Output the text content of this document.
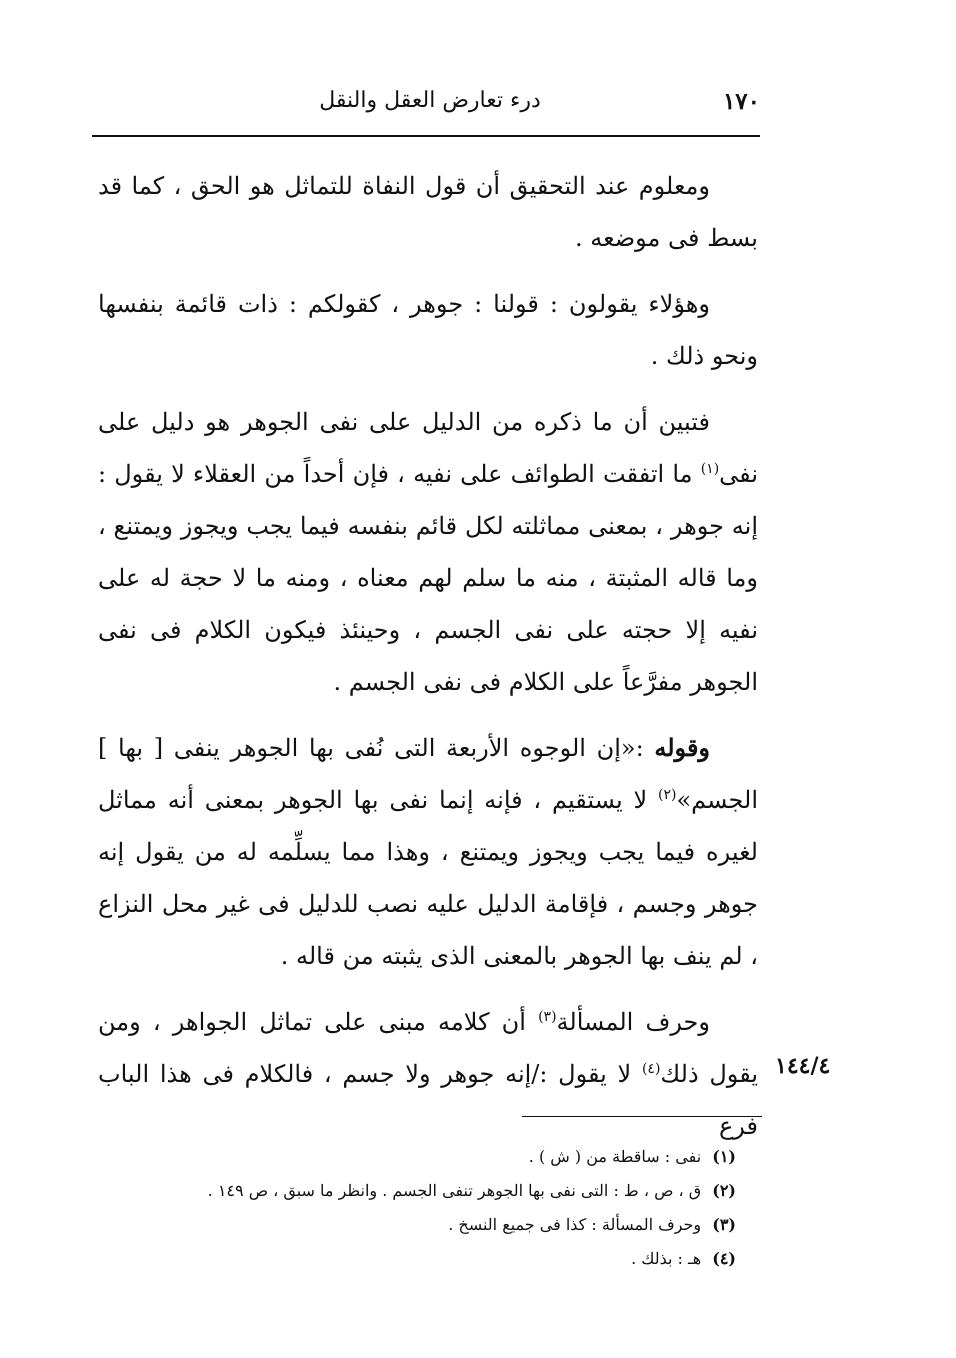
١٧٠
درء تعارض العقل والنقل

ومعلوم عند التحقيق أن قول النفاة للتماثل هو الحق ، كما قد بسط فى موضعه .

وهؤلاء يقولون : قولنا : جوهر ، كقولكم : ذات قائمة بنفسها ونحو ذلك .

فتبين أن ما ذكره من الدليل على نفى الجوهر هو دليل على نفى$^{(١)}$ ما اتفقت الطوائف على نفيه ، فإن أحداً من العقلاء لا يقول : إنه جوهر ، بمعنى مماثلته لكل قائم بنفسه فيما يجب ويجوز ويمتنع ، وما قاله المثبتة ، منه ما سلم لهم معناه ، ومنه ما لا حجة له على نفيه إلا حجته على نفى الجسم ، وحينئذ فيكون الكلام فى نفى الجوهر مفرَّعاً على الكلام فى نفى الجسم .

وقوله :«إن الوجوه الأربعة التى نُفى بها الجوهر ينفى [ بها ] الجسم»$^{(٢)}$ لا يستقيم ، فإنه إنما نفى بها الجوهر بمعنى أنه مماثل لغيره فيما يجب ويجوز ويمتنع ، وهذا مما يسلِّمه له من يقول إنه جوهر وجسم ، فإقامة الدليل عليه نصب للدليل فى غير محل النزاع ، لم ينف بها الجوهر بالمعنى الذى يثبته من قاله .

وحرف المسألة$^{(٣)}$ أن كلامه مبنى على تماثل الجواهر ، ومن يقول ذلك$^{(٤)}$ لا يقول :/إنه جوهر ولا جسم ، فالكلام فى هذا الباب فرع

١٤٤/٤

(١) نفى : ساقطة من ( ش ) .

(٢) ق ، ص ، ط : التى نفى بها الجوهر تنفى الجسم . وانظر ما سبق ، ص ١٤٩ .

(٣) وحرف المسألة : كذا فى جميع النسخ .

(٤) هـ : بذلك .
